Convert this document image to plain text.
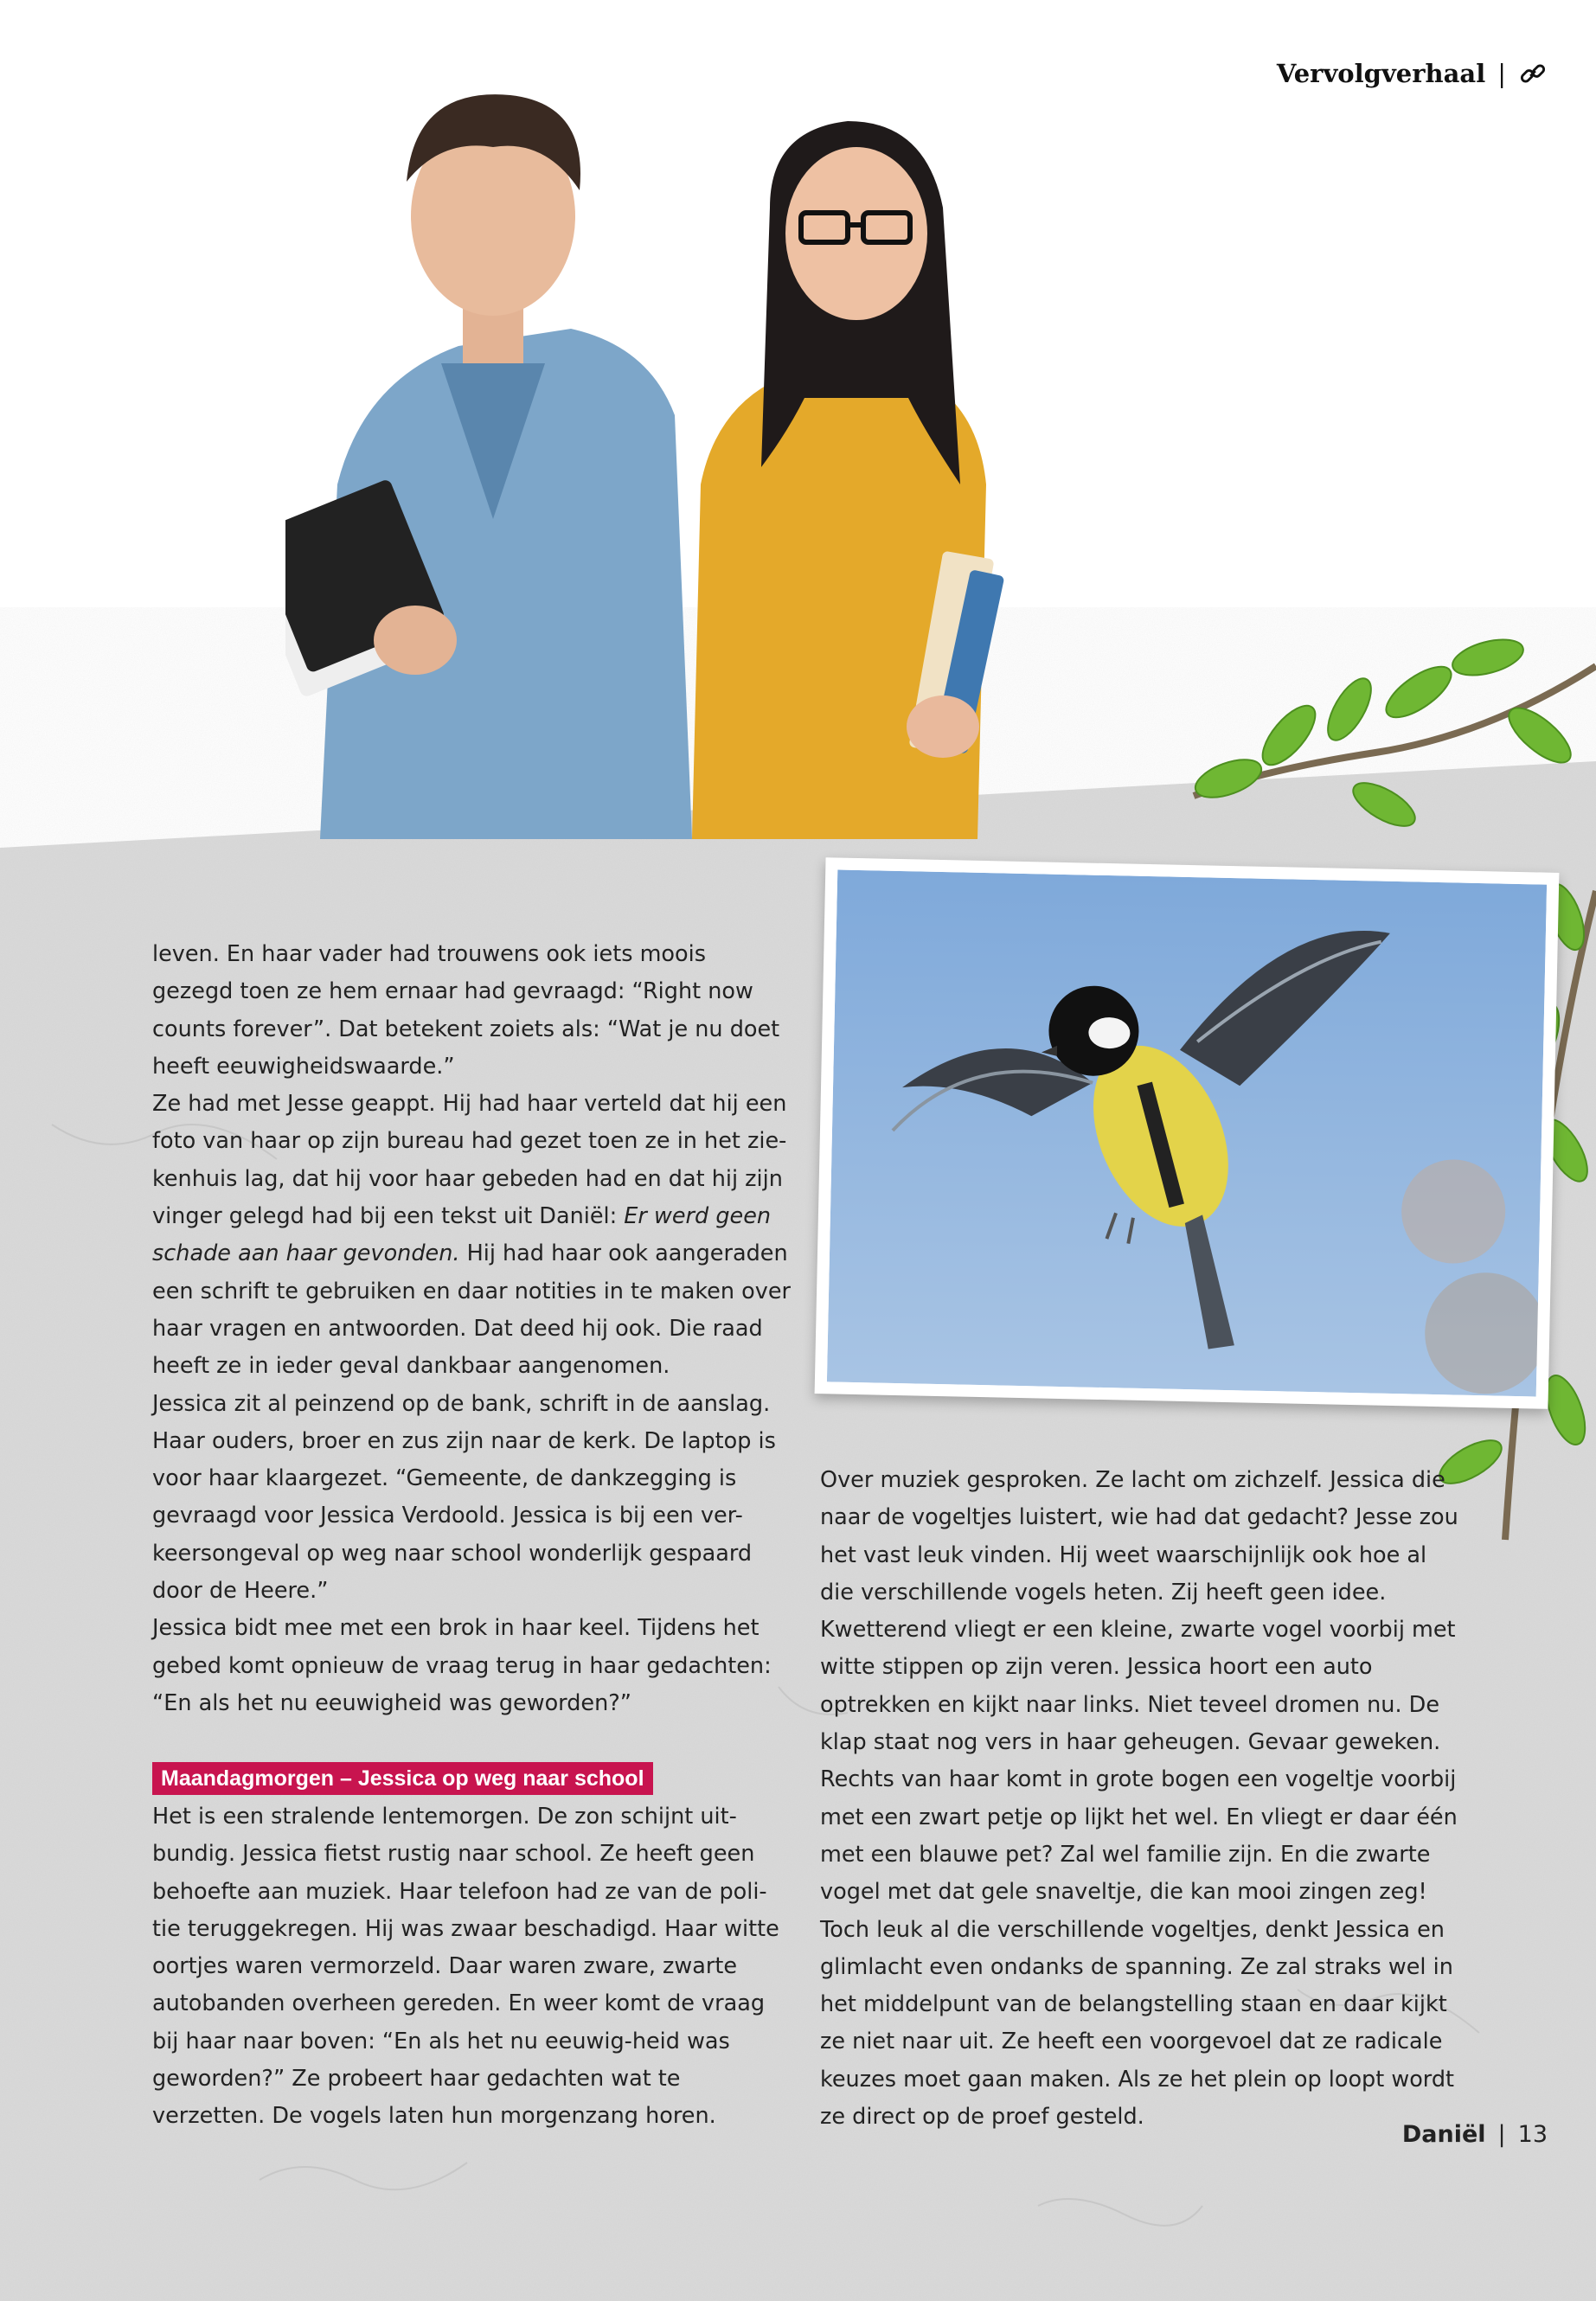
Vervolgverhaal |

leven. En haar vader had trouwens ook iets moois gezegd toen ze hem ernaar had gevraagd: “Right now counts forever”. Dat betekent zoiets als: “Wat je nu doet heeft eeuwigheidswaarde.”

Ze had met Jesse geappt. Hij had haar verteld dat hij een foto van haar op zijn bureau had gezet toen ze in het zie-kenhuis lag, dat hij voor haar gebeden had en dat hij zijn vinger gelegd had bij een tekst uit Daniël: Er werd geen schade aan haar gevonden. Hij had haar ook aangeraden een schrift te gebruiken en daar notities in te maken over haar vragen en antwoorden. Dat deed hij ook. Die raad heeft ze in ieder geval dankbaar aangenomen.

Jessica zit al peinzend op de bank, schrift in de aanslag. Haar ouders, broer en zus zijn naar de kerk. De laptop is voor haar klaargezet. “Gemeente, de dankzegging is gevraagd voor Jessica Verdoold. Jessica is bij een ver-keersongeval op weg naar school wonderlijk gespaard door de Heere.”

Jessica bidt mee met een brok in haar keel. Tijdens het gebed komt opnieuw de vraag terug in haar gedachten: “En als het nu eeuwigheid was geworden?”

Maandagmorgen – Jessica op weg naar school

Het is een stralende lentemorgen. De zon schijnt uit-bundig. Jessica fietst rustig naar school. Ze heeft geen behoefte aan muziek. Haar telefoon had ze van de poli-tie teruggekregen. Hij was zwaar beschadigd. Haar witte oortjes waren vermorzeld. Daar waren zware, zwarte autobanden overheen gereden. En weer komt de vraag bij haar naar boven: “En als het nu eeuwig-heid was geworden?” Ze probeert haar gedachten wat te verzetten. De vogels laten hun morgenzang horen.

Over muziek gesproken. Ze lacht om zichzelf. Jessica die naar de vogeltjes luistert, wie had dat gedacht? Jesse zou het vast leuk vinden. Hij weet waarschijnlijk ook hoe al die verschillende vogels heten. Zij heeft geen idee. Kwetterend vliegt er een kleine, zwarte vogel voorbij met witte stippen op zijn veren. Jessica hoort een auto optrekken en kijkt naar links. Niet teveel dromen nu. De klap staat nog vers in haar geheugen. Gevaar geweken. Rechts van haar komt in grote bogen een vogeltje voorbij met een zwart petje op lijkt het wel. En vliegt er daar één met een blauwe pet? Zal wel familie zijn. En die zwarte vogel met dat gele snaveltje, die kan mooi zingen zeg! Toch leuk al die verschillende vogeltjes, denkt Jessica en glimlacht even ondanks de spanning. Ze zal straks wel in het middelpunt van de belangstelling staan en daar kijkt ze niet naar uit. Ze heeft een voorgevoel dat ze radicale keuzes moet gaan maken. Als ze het plein op loopt wordt ze direct op de proef gesteld.

Daniël | 13
